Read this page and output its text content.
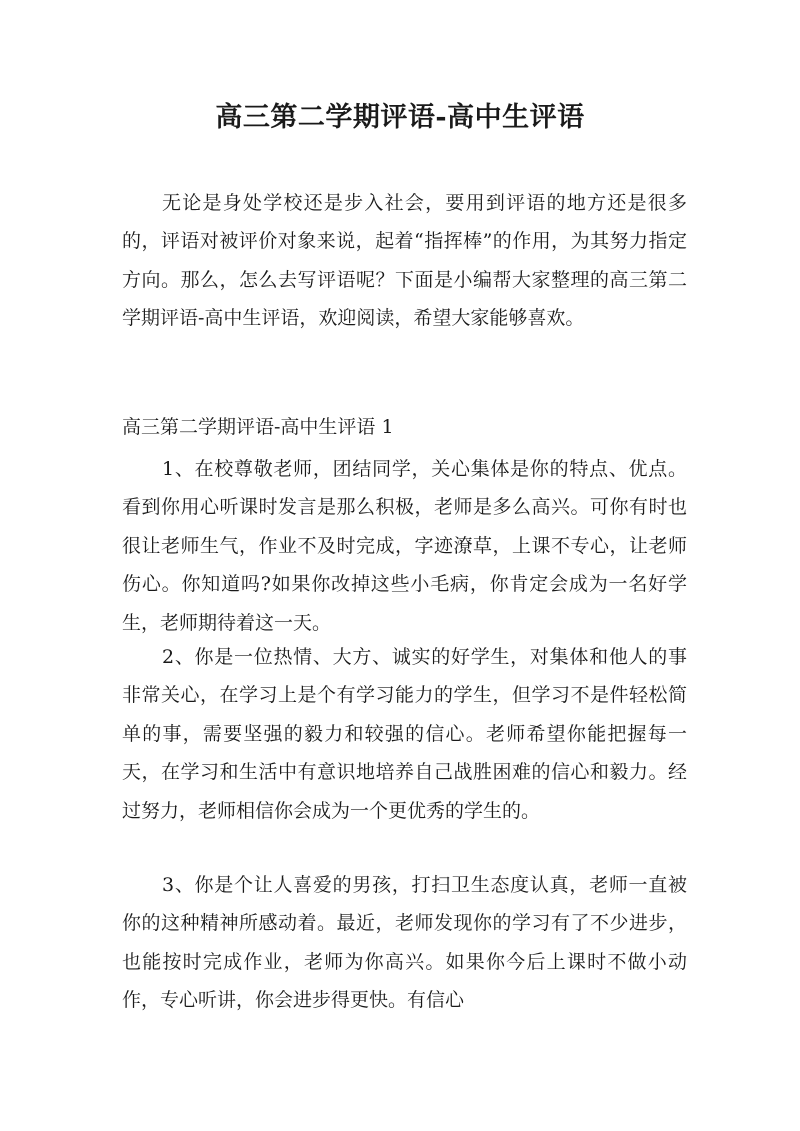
高三第二学期评语-高中生评语

无论是身处学校还是步入社会，要用到评语的地方还是很多的，评语对被评价对象来说，起着“指挥棒”的作用，为其努力指定方向。那么，怎么去写评语呢？下面是小编帮大家整理的高三第二学期评语-高中生评语，欢迎阅读，希望大家能够喜欢。

高三第二学期评语-高中生评语 1

1、在校尊敬老师，团结同学，关心集体是你的特点、优点。看到你用心听课时发言是那么积极，老师是多么高兴。可你有时也很让老师生气，作业不及时完成，字迹潦草，上课不专心，让老师伤心。你知道吗?如果你改掉这些小毛病，你肯定会成为一名好学生，老师期待着这一天。

2、你是一位热情、大方、诚实的好学生，对集体和他人的事非常关心，在学习上是个有学习能力的学生，但学习不是件轻松简单的事，需要坚强的毅力和较强的信心。老师希望你能把握每一天，在学习和生活中有意识地培养自己战胜困难的信心和毅力。经过努力，老师相信你会成为一个更优秀的学生的。

3、你是个让人喜爱的男孩，打扫卫生态度认真，老师一直被你的这种精神所感动着。最近，老师发现你的学习有了不少进步，也能按时完成作业，老师为你高兴。如果你今后上课时不做小动作，专心听讲，你会进步得更快。有信心
